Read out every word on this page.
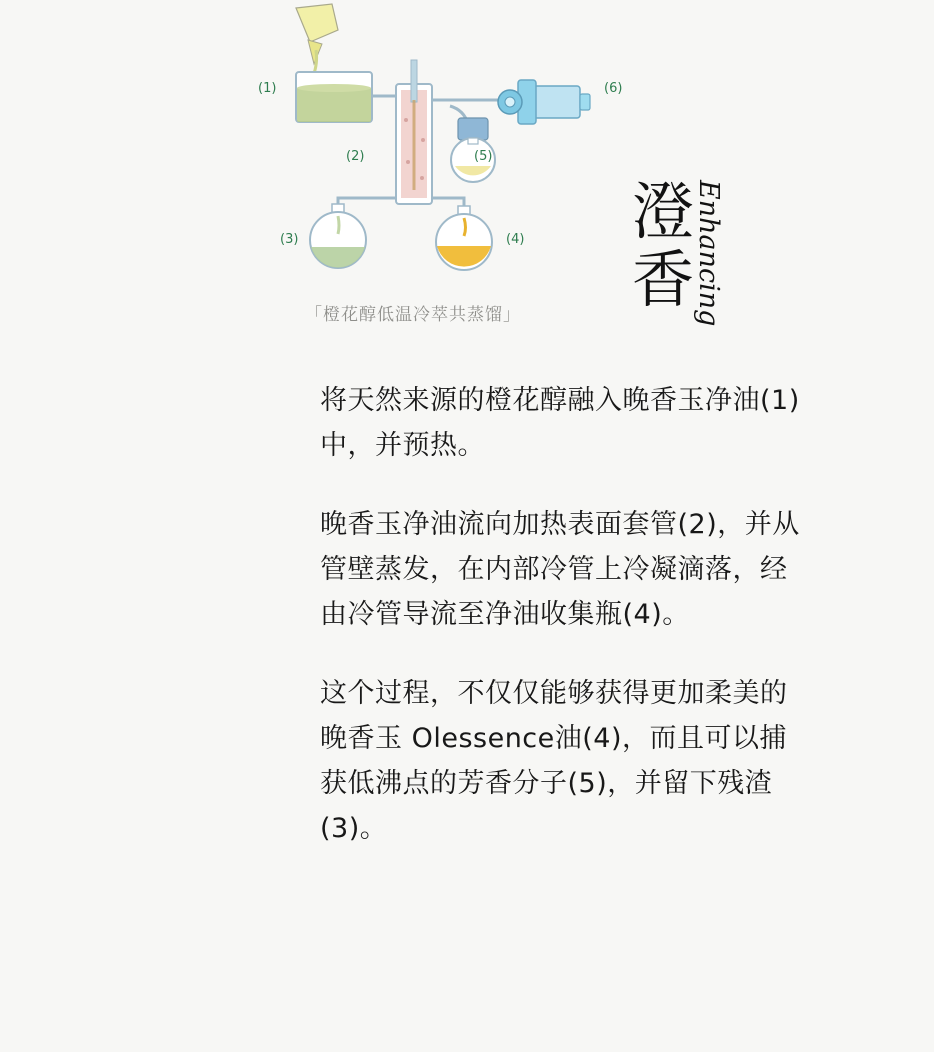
(1)
(2)
(3)	(4)
(5)
(6)
「橙花醇低温冷萃共蒸馏」
澄
香 Enhancing

将天然来源的橙花醇融入晚香玉净油(1)中，并预热。

晚香玉净油流向加热表面套管(2)，并从管壁蒸发，在内部冷管上冷凝滴落，经由冷管导流至净油收集瓶(4)。

这个过程，不仅仅能够获得更加柔美的晚香玉 Olessence油(4)，而且可以捕获低沸点的芳香分子(5)，并留下残渣(3)。
